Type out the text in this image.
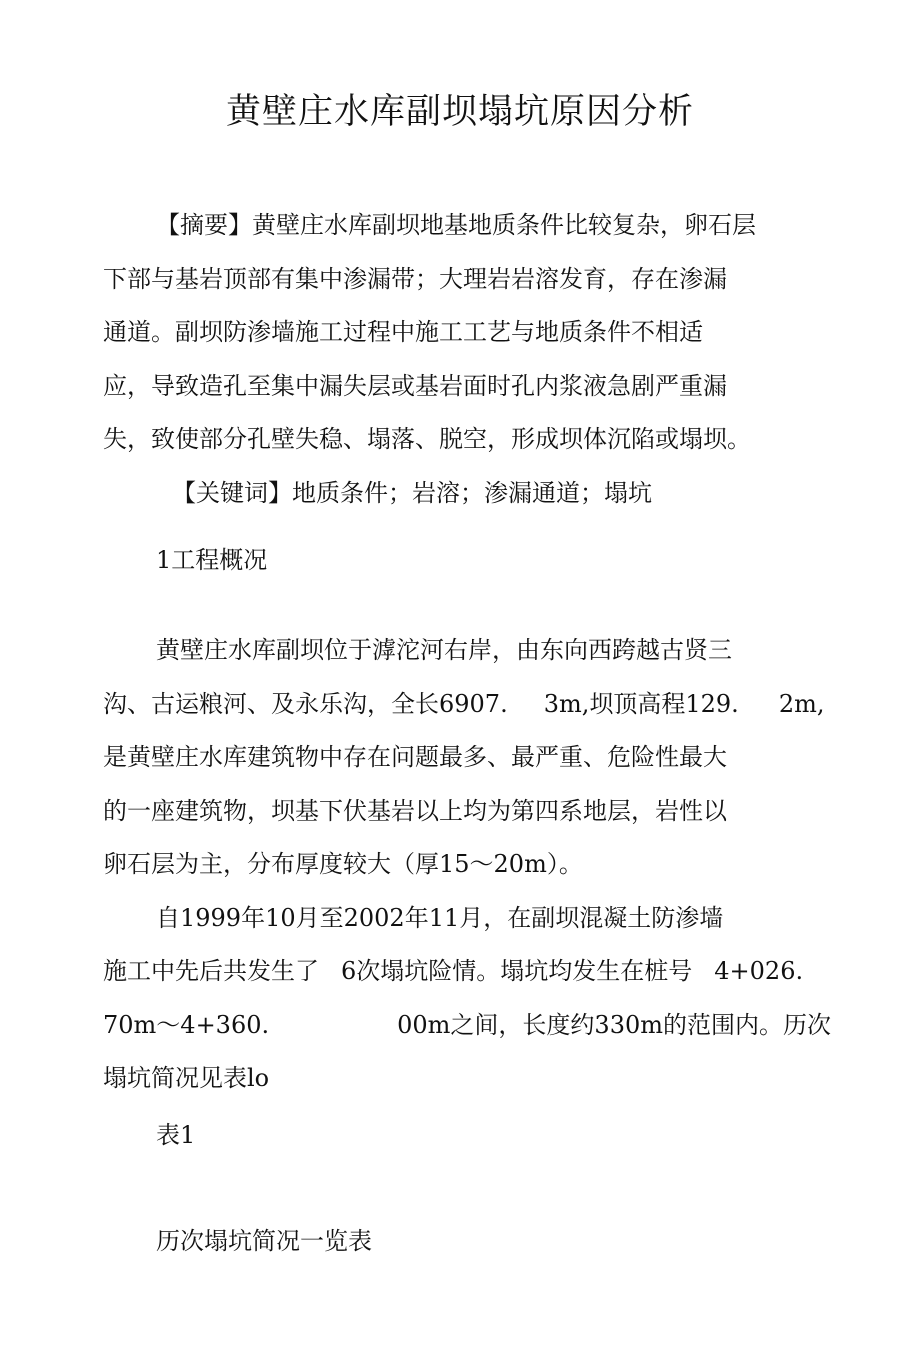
黄壁庄水库副坝塌坑原因分析
【摘要】黄壁庄水库副坝地基地质条件比较复杂，卵石层
下部与基岩顶部有集中渗漏带；大理岩岩溶发育，存在渗漏
通道。副坝防渗墙施工过程中施工工艺与地质条件不相适
应，导致造孔至集中漏失层或基岩面时孔内浆液急剧严重漏
失，致使部分孔壁失稳、塌落、脱空，形成坝体沉陷或塌坝。
【关键词】地质条件；岩溶；渗漏通道；塌坑
1工程概况
黄壁庄水库副坝位于滹沱河右岸，由东向西跨越古贤三
沟、古运粮河、及永乐沟，全长6907. 3m,坝顶高程129. 2m,
是黄壁庄水库建筑物中存在问题最多、最严重、危险性最大
的一座建筑物，坝基下伏基岩以上均为第四系地层，岩性以
卵石层为主，分布厚度较大（厚15～20m）。
自1999年10月至2002年11月，在副坝混凝土防渗墙
施工中先后共发生了 6次塌坑险情。塌坑均发生在桩号 4+026.
70m～4+360.	00m之间，长度约330m的范围内。历次
塌坑简况见表lo
表1
历次塌坑简况一览表
